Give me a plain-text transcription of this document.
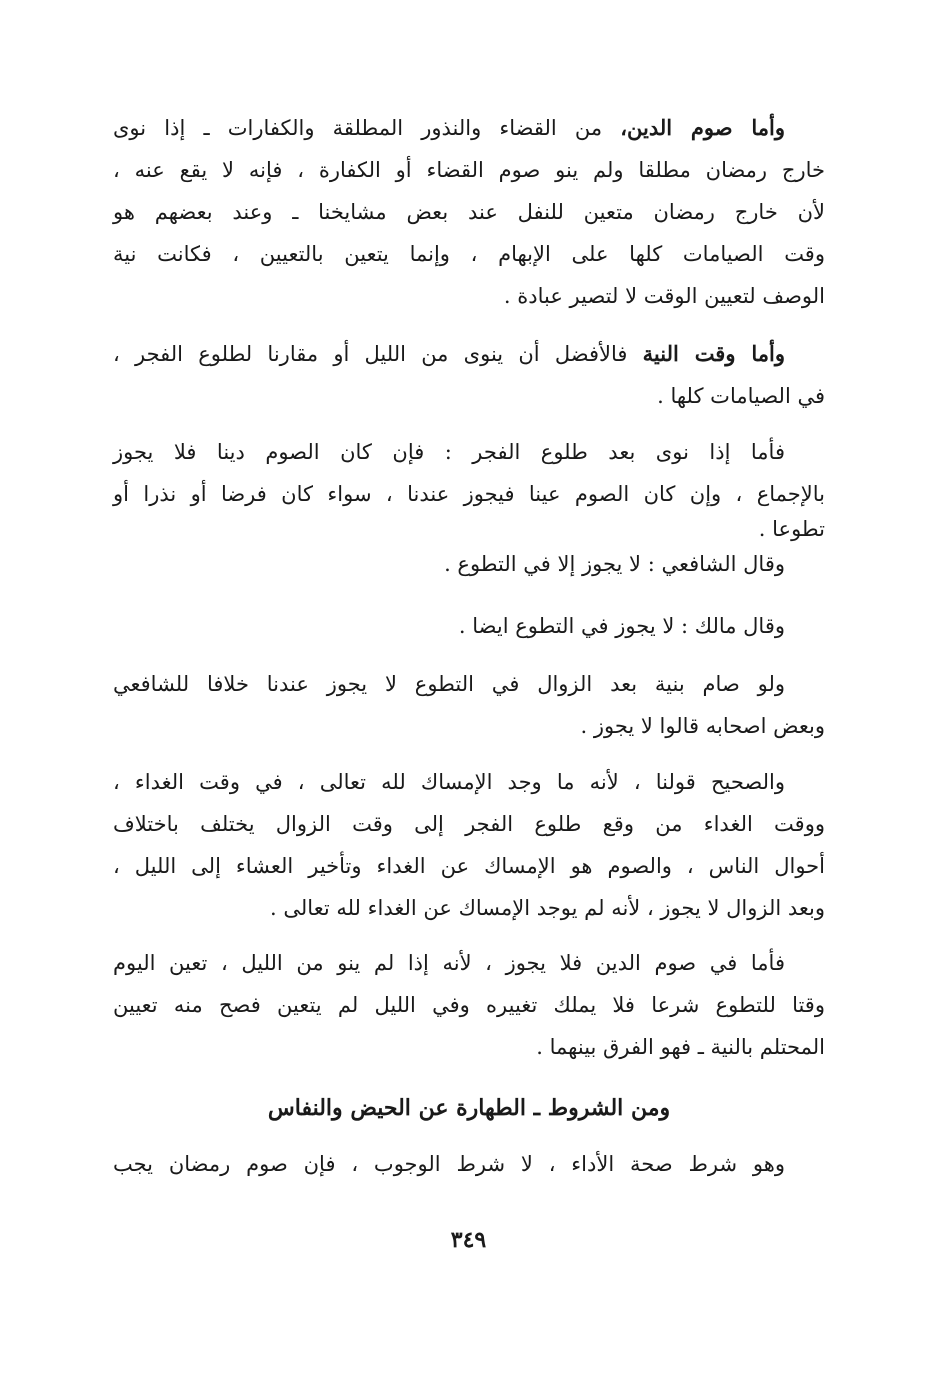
وأما صوم الدين، من القضاء والنذور المطلقة والكفارات ـ إذا نوى
خارج رمضان مطلقا ولم ينو صوم القضاء أو الكفارة ، فإنه لا يقع عنه ،
لأن خارج رمضان متعين للنفل عند بعض مشايخنا ـ وعند بعضهم هو
وقت الصيامات كلها على الإبهام ، وإنما يتعين بالتعيين ، فكانت نية
الوصف لتعيين الوقت لا لتصير عبادة .
وأما وقت النية فالأفضل أن ينوى من الليل أو مقارنا لطلوع الفجر ،
في الصيامات كلها .
فأما إذا نوى بعد طلوع الفجر : فإن كان الصوم دينا فلا يجوز
بالإجماع ، وإن كان الصوم عينا فيجوز عندنا ، سواء كان فرضا أو نذرا أو
تطوعا .
وقال الشافعي : لا يجوز إلا في التطوع .
وقال مالك : لا يجوز في التطوع ايضا .
ولو صام بنية بعد الزوال في التطوع لا يجوز عندنا خلافا للشافعي
وبعض اصحابه قالوا لا يجوز .
والصحيح قولنا ، لأنه ما وجد الإمساك لله تعالى ، في وقت الغداء ،
ووقت الغداء من وقع طلوع الفجر إلى وقت الزوال يختلف باختلاف
أحوال الناس ، والصوم هو الإمساك عن الغداء وتأخير العشاء إلى الليل ،
وبعد الزوال لا يجوز ، لأنه لم يوجد الإمساك عن الغداء لله تعالى .
فأما في صوم الدين فلا يجوز ، لأنه إذا لم ينو من الليل ، تعين اليوم
وقتا للتطوع شرعا فلا يملك تغييره وفي الليل لم يتعين فصح منه تعيين
المحتلم بالنية ـ فهو الفرق بينهما .
ومن الشروط ـ الطهارة عن الحيض والنفاس
وهو شرط صحة الأداء ، لا شرط الوجوب ، فإن صوم رمضان يجب
٣٤٩
